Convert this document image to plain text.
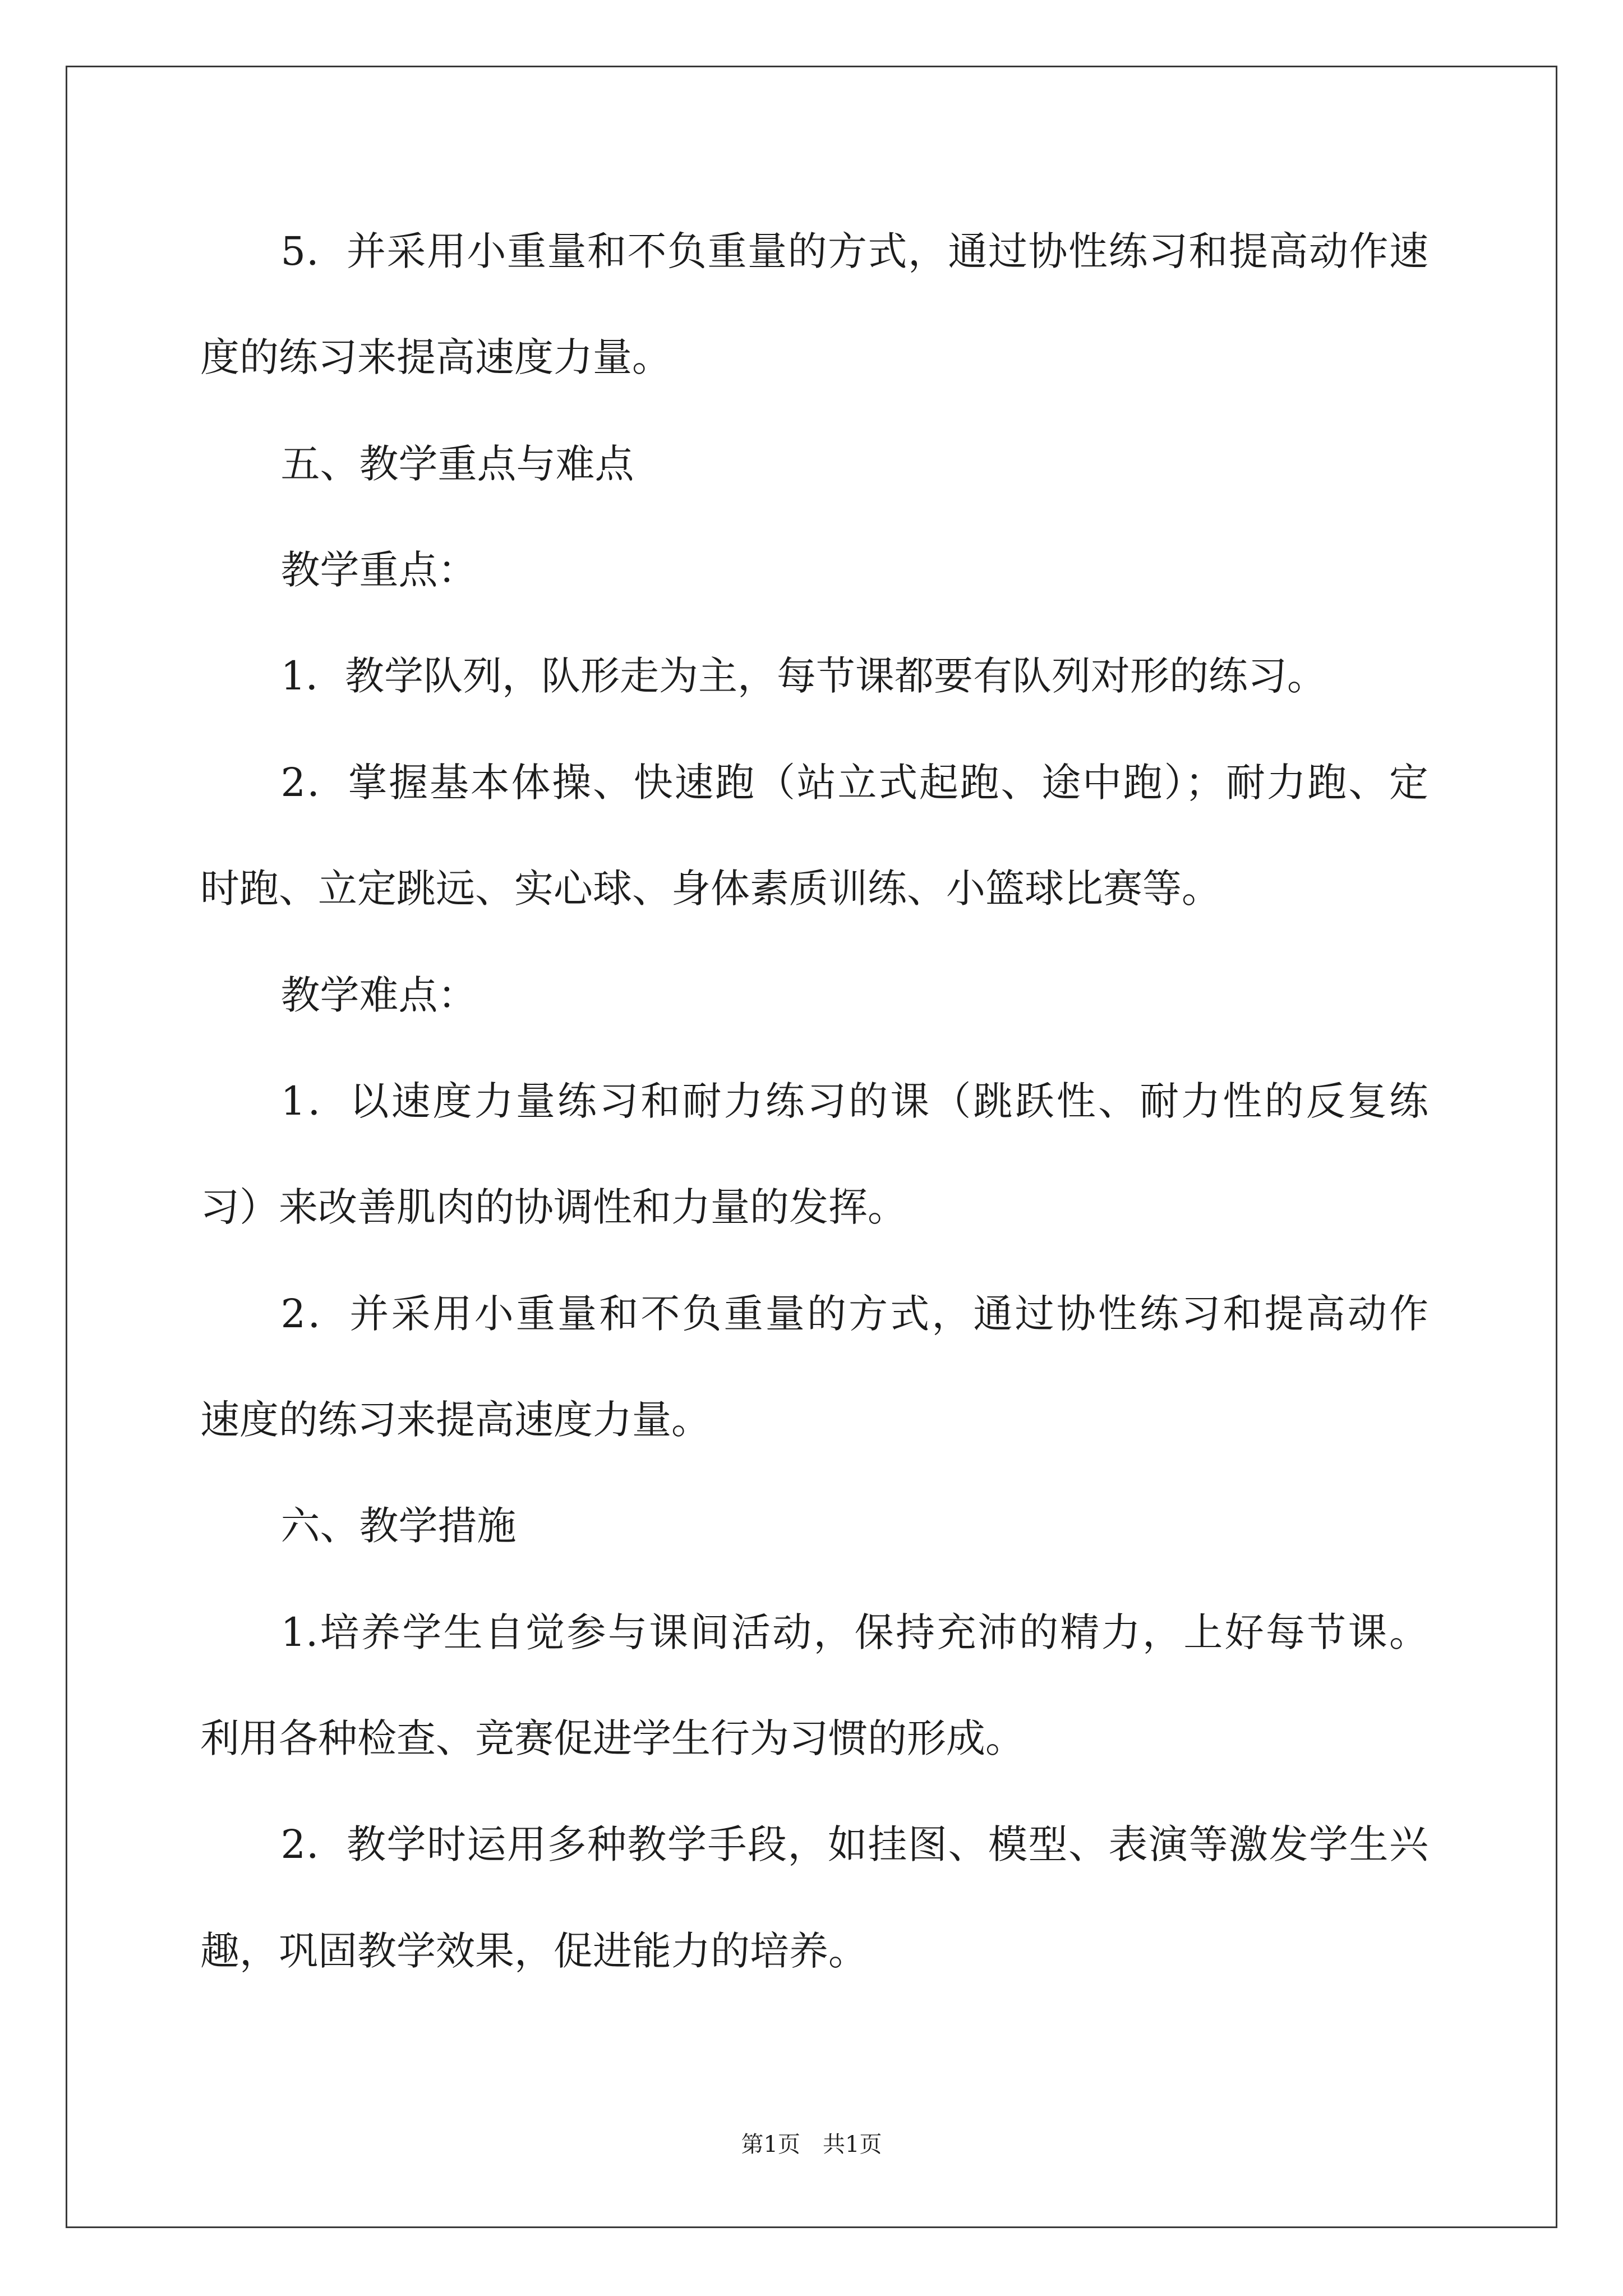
5．并采用小重量和不负重量的方式，通过协性练习和提高动作速
度的练习来提高速度力量。
五、教学重点与难点
教学重点：
1．教学队列，队形走为主，每节课都要有队列对形的练习。
2．掌握基本体操、快速跑（站立式起跑、途中跑）；耐力跑、定
时跑、立定跳远、实心球、身体素质训练、小篮球比赛等。
教学难点：
1．以速度力量练习和耐力练习的课（跳跃性、耐力性的反复练
习）来改善肌肉的协调性和力量的发挥。
2．并采用小重量和不负重量的方式，通过协性练习和提高动作
速度的练习来提高速度力量。
六、教学措施
1.培养学生自觉参与课间活动，保持充沛的精力，上好每节课。
利用各种检查、竞赛促进学生行为习惯的形成。
2．教学时运用多种教学手段，如挂图、模型、表演等激发学生兴
趣，巩固教学效果，促进能力的培养。
第1页　共1页
